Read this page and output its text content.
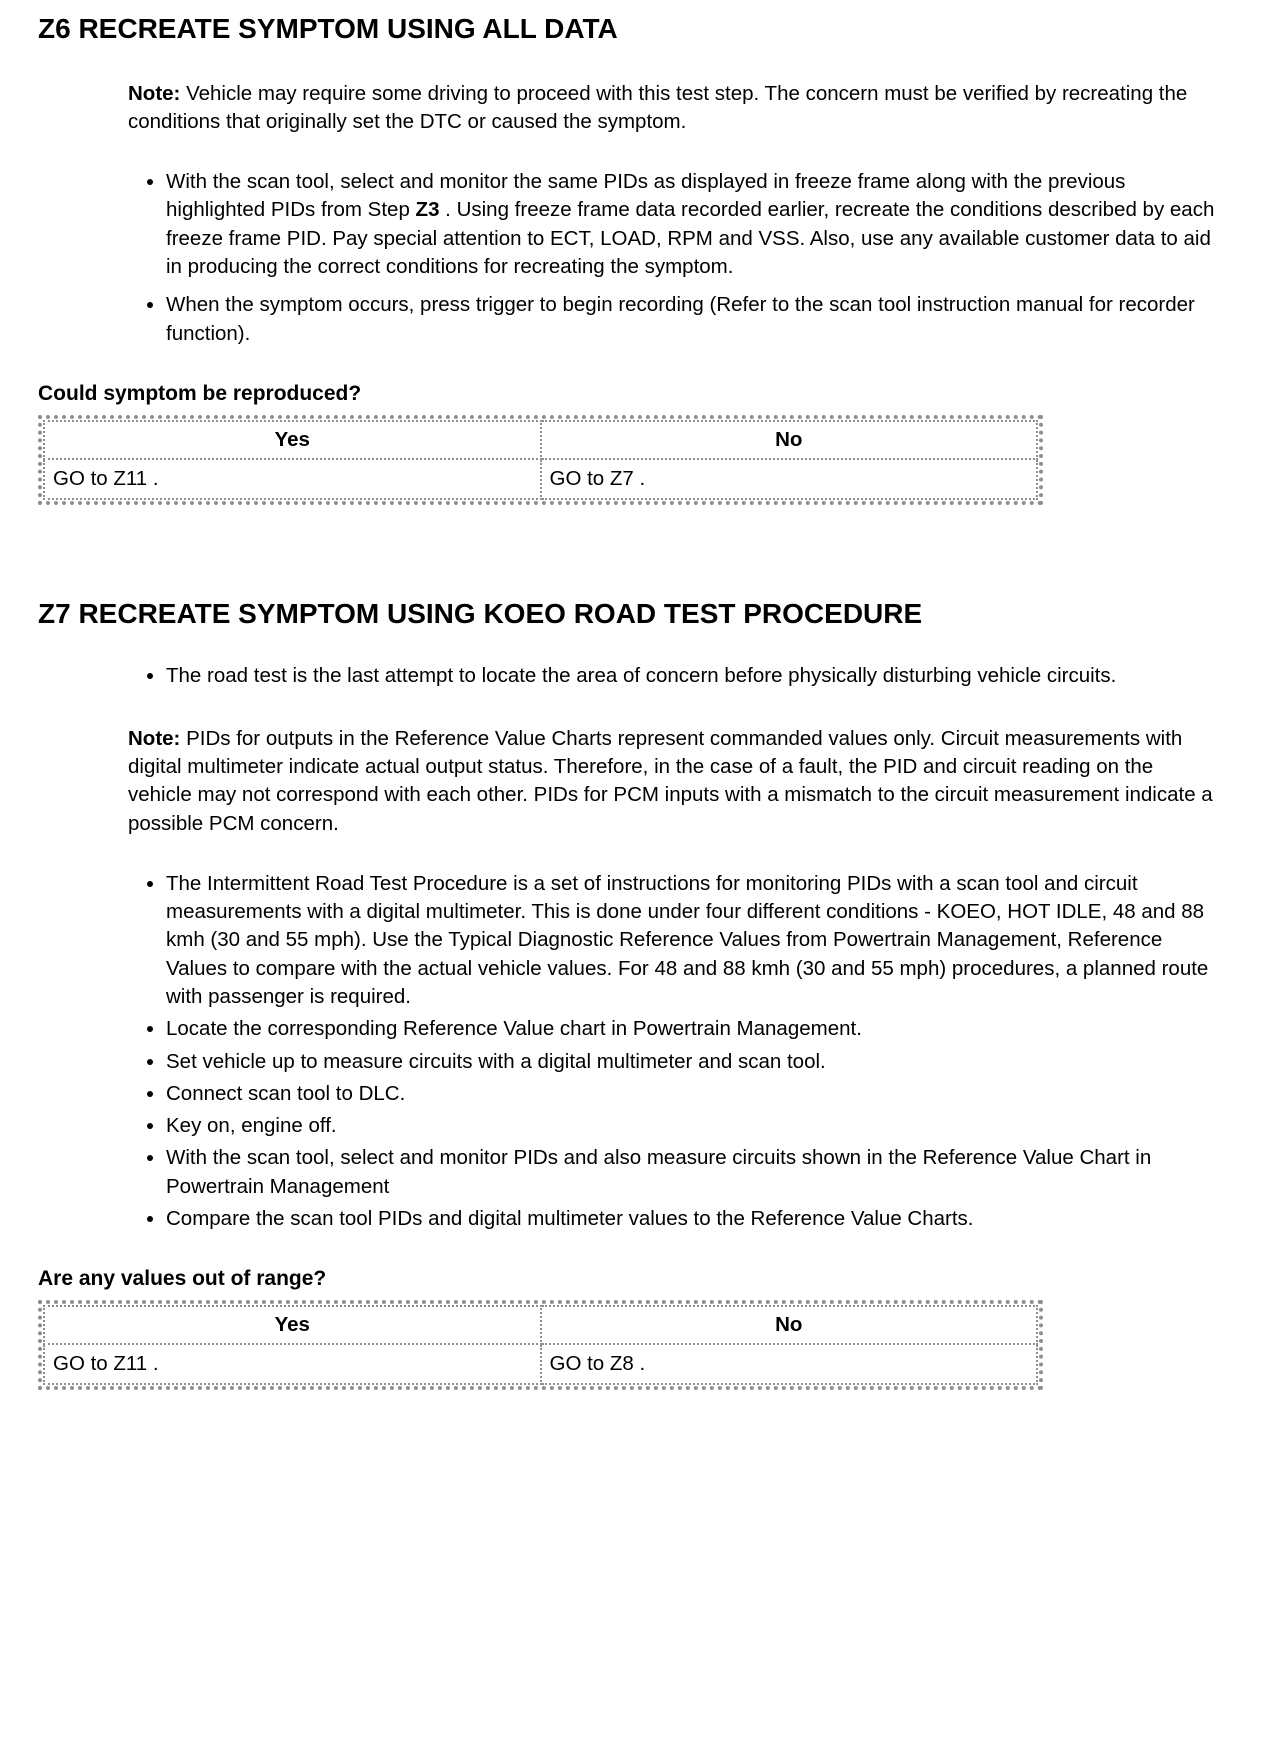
Z6 RECREATE SYMPTOM USING ALL DATA

Note: Vehicle may require some driving to proceed with this test step. The concern must be verified by recreating the conditions that originally set the DTC or caused the symptom.

• With the scan tool, select and monitor the same PIDs as displayed in freeze frame along with the previous highlighted PIDs from Step Z3 . Using freeze frame data recorded earlier, recreate the conditions described by each freeze frame PID. Pay special attention to ECT, LOAD, RPM and VSS. Also, use any available customer data to aid in producing the correct conditions for recreating the symptom.
• When the symptom occurs, press trigger to begin recording (Refer to the scan tool instruction manual for recorder function).

Could symptom be reproduced?

Yes	No
GO to Z11 .	GO to Z7 .
Z7 RECREATE SYMPTOM USING KOEO ROAD TEST PROCEDURE
• The road test is the last attempt to locate the area of concern before physically disturbing vehicle circuits.

Note: PIDs for outputs in the Reference Value Charts represent commanded values only. Circuit measurements with digital multimeter indicate actual output status. Therefore, in the case of a fault, the PID and circuit reading on the vehicle may not correspond with each other. PIDs for PCM inputs with a mismatch to the circuit measurement indicate a possible PCM concern.

• The Intermittent Road Test Procedure is a set of instructions for monitoring PIDs with a scan tool and circuit measurements with a digital multimeter. This is done under four different conditions - KOEO, HOT IDLE, 48 and 88 kmh (30 and 55 mph). Use the Typical Diagnostic Reference Values from Powertrain Management, Reference Values to compare with the actual vehicle values. For 48 and 88 kmh (30 and 55 mph) procedures, a planned route with passenger is required.
• Locate the corresponding Reference Value chart in Powertrain Management.
• Set vehicle up to measure circuits with a digital multimeter and scan tool.
• Connect scan tool to DLC.
• Key on, engine off.
• With the scan tool, select and monitor PIDs and also measure circuits shown in the Reference Value Chart in Powertrain Management
• Compare the scan tool PIDs and digital multimeter values to the Reference Value Charts.

Are any values out of range?

Yes	No
GO to Z11 .	GO to Z8 .
